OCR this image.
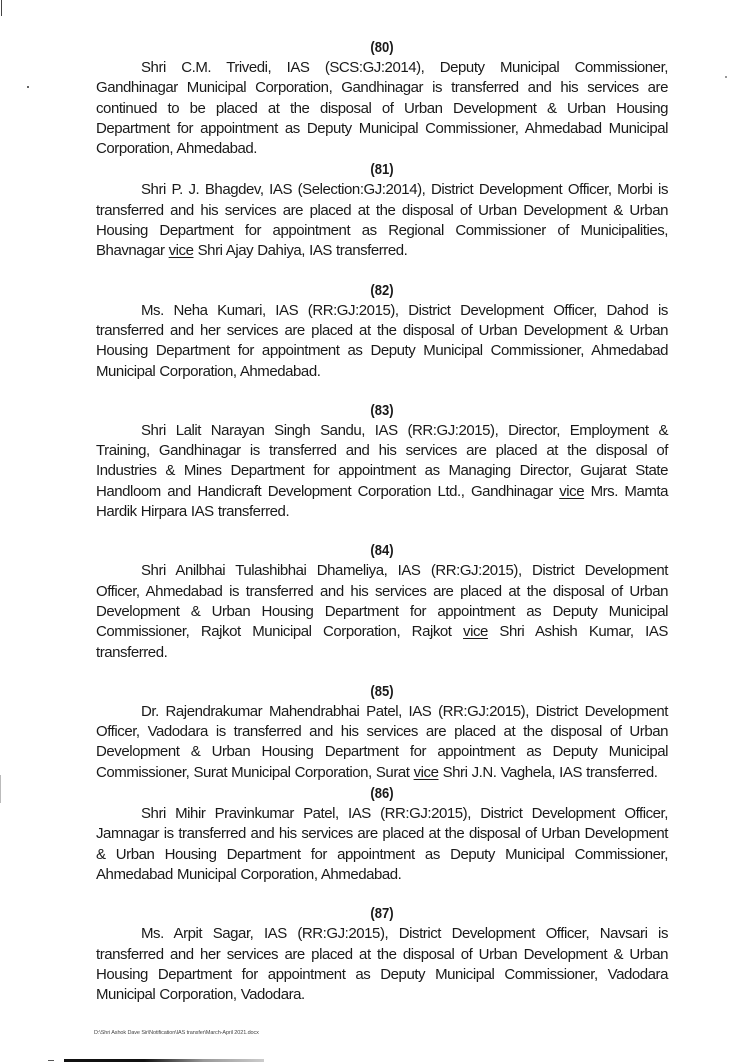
(80)

Shri C.M. Trivedi, IAS (SCS:GJ:2014), Deputy Municipal Commissioner, Gandhinagar Municipal Corporation, Gandhinagar is transferred and his services are continued to be placed at the disposal of Urban Development & Urban Housing Department for appointment as Deputy Municipal Commissioner, Ahmedabad Municipal Corporation, Ahmedabad.

(81)

Shri P. J. Bhagdev, IAS (Selection:GJ:2014), District Development Officer, Morbi is transferred and his services are placed at the disposal of Urban Development & Urban Housing Department for appointment as Regional Commissioner of Municipalities, Bhavnagar vice Shri Ajay Dahiya, IAS transferred.

(82)

Ms. Neha Kumari, IAS (RR:GJ:2015), District Development Officer, Dahod is transferred and her services are placed at the disposal of Urban Development & Urban Housing Department for appointment as Deputy Municipal Commissioner, Ahmedabad Municipal Corporation, Ahmedabad.

(83)

Shri Lalit Narayan Singh Sandu, IAS (RR:GJ:2015), Director, Employment & Training, Gandhinagar is transferred and his services are placed at the disposal of Industries & Mines Department for appointment as Managing Director, Gujarat State Handloom and Handicraft Development Corporation Ltd., Gandhinagar vice Mrs. Mamta Hardik Hirpara IAS transferred.

(84)

Shri Anilbhai Tulashibhai Dhameliya, IAS (RR:GJ:2015), District Development Officer, Ahmedabad is transferred and his services are placed at the disposal of Urban Development & Urban Housing Department for appointment as Deputy Municipal Commissioner, Rajkot Municipal Corporation, Rajkot vice Shri Ashish Kumar, IAS transferred.

(85)

Dr. Rajendrakumar Mahendrabhai Patel, IAS (RR:GJ:2015), District Development Officer, Vadodara is transferred and his services are placed at the disposal of Urban Development & Urban Housing Department for appointment as Deputy Municipal Commissioner, Surat Municipal Corporation, Surat vice Shri J.N. Vaghela, IAS transferred.

(86)

Shri Mihir Pravinkumar Patel, IAS (RR:GJ:2015), District Development Officer, Jamnagar is transferred and his services are placed at the disposal of Urban Development & Urban Housing Department for appointment as Deputy Municipal Commissioner, Ahmedabad Municipal Corporation, Ahmedabad.

(87)

Ms. Arpit Sagar, IAS (RR:GJ:2015), District Development Officer, Navsari is transferred and her services are placed at the disposal of Urban Development & Urban Housing Department for appointment as Deputy Municipal Commissioner, Vadodara Municipal Corporation, Vadodara.

D:\Shri Ashok Dave Sir\Notification\IAS transfer\March-April 2021.docx
